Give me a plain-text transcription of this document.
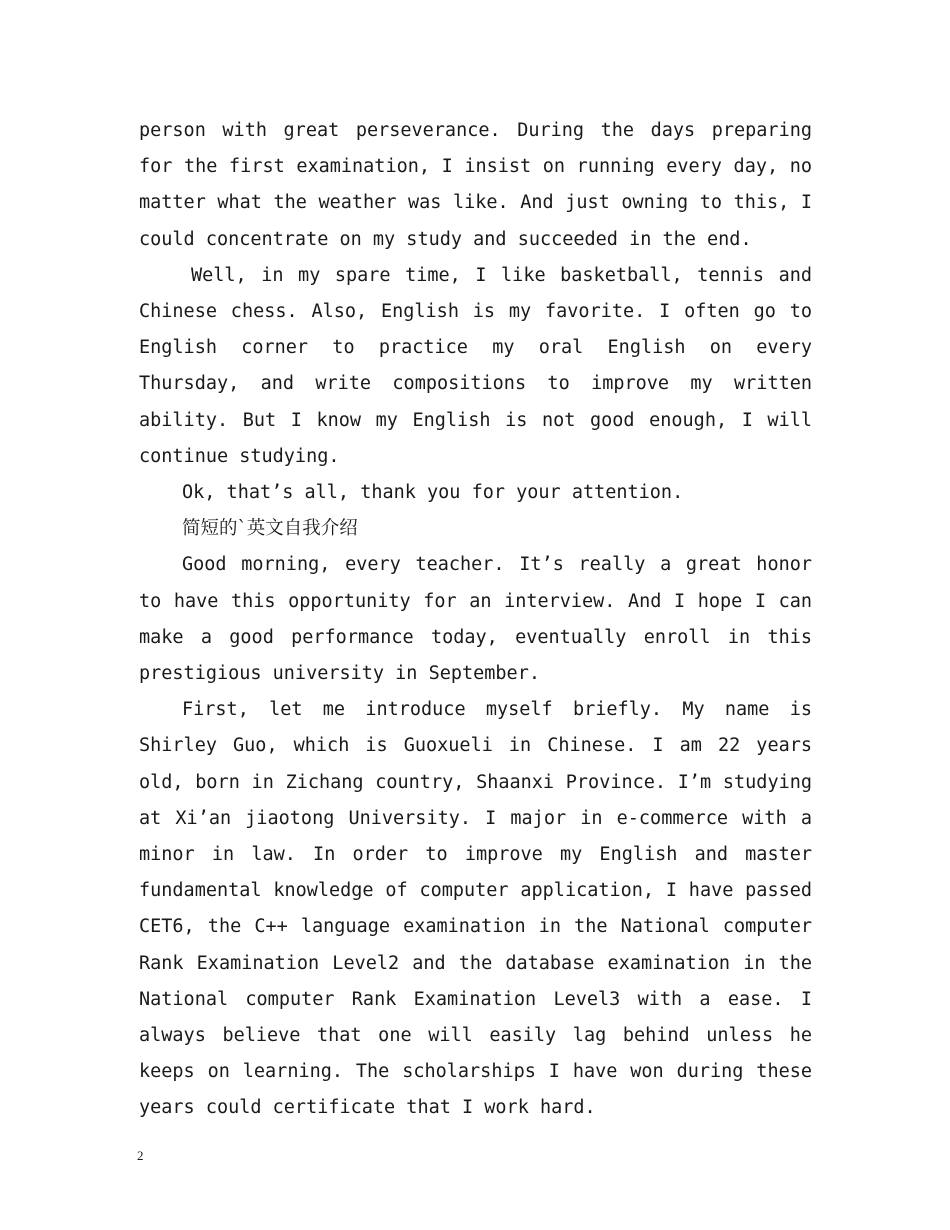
person with great perseverance. During the days preparing for the first examination, I insist on running every day, no matter what the weather was like. And just owning to this, I could concentrate on my study and succeeded in the end.

Well, in my spare time, I like basketball, tennis and Chinese chess. Also, English is my favorite. I often go to English corner to practice my oral English on every Thursday, and write compositions to improve my written ability. But I know my English is not good enough, I will continue studying.

Ok, that’s all, thank you for your attention.

简短的`英文自我介绍

Good morning, every teacher. It’s really a great honor to have this opportunity for an interview. And I hope I can make a good performance today, eventually enroll in this prestigious university in September.

First, let me introduce myself briefly. My name is Shirley Guo, which is Guoxueli in Chinese. I am 22 years old, born in Zichang country, Shaanxi Province. I’m studying at Xi’an jiaotong University. I major in e-commerce with a minor in law. In order to improve my English and master fundamental knowledge of computer application, I have passed CET6, the C++ language examination in the National computer Rank Examination Level2 and the database examination in the National computer Rank Examination Level3 with a ease. I always believe that one will easily lag behind unless he keeps on learning. The scholarships I have won during these years could certificate that I work hard.

2
